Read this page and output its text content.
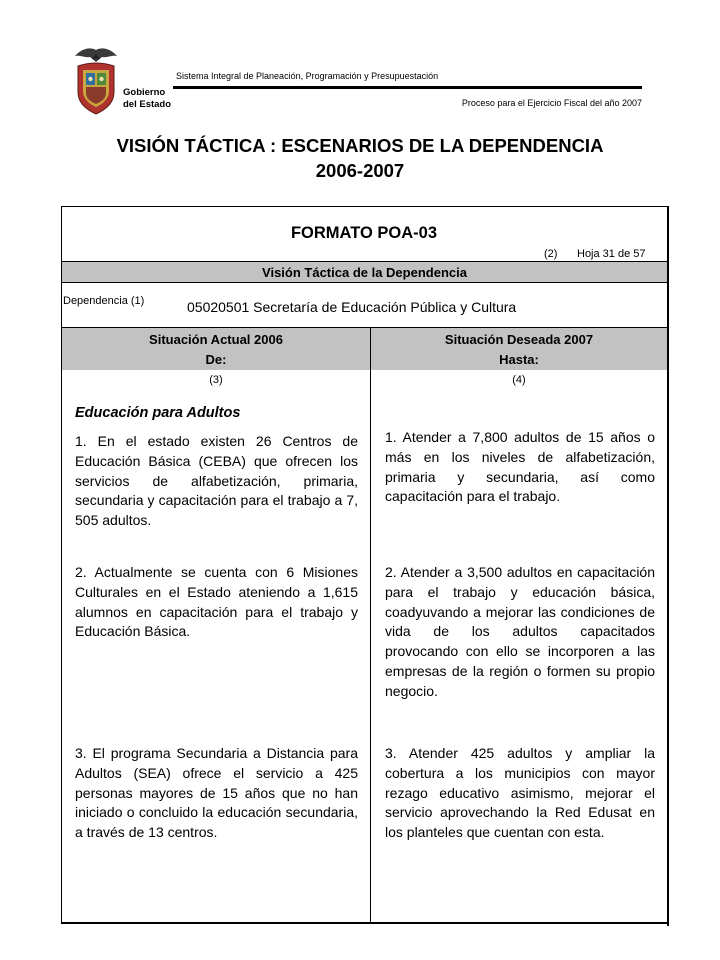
Gobierno
del Estado
Sistema Integral de Planeación, Programación y Presupuestación
Proceso para el Ejercicio Fiscal del año 2007
VISIÓN TÁCTICA : ESCENARIOS DE LA DEPENDENCIA
2006-2007
FORMATO POA-03
(2) Hoja 31 de 57
Visión Táctica de la Dependencia
Dependencia (1)	05020501 Secretaría de Educación Pública y Cultura
Situación Actual 2006
De:
Situación Deseada 2007
Hasta:
(3)	(4)
Educación para Adultos
1. En el estado existen 26 Centros de Educación Básica (CEBA) que ofrecen los servicios de alfabetización, primaria, secundaria y capacitación para el trabajo a 7, 505 adultos.
2. Actualmente se cuenta con 6 Misiones Culturales en el Estado ateniendo a 1,615 alumnos en capacitación para el trabajo y Educación Básica.
3. El programa Secundaria a Distancia para Adultos (SEA) ofrece el servicio a 425 personas mayores de 15 años que no han iniciado o concluido la educación secundaria, a través de 13 centros.
1. Atender a 7,800 adultos de 15 años o más en los niveles de alfabetización, primaria y secundaria, así como capacitación para el trabajo.
2. Atender a 3,500 adultos en capacitación para el trabajo y educación básica, coadyuvando a mejorar las condiciones de vida de los adultos capacitados provocando con ello se incorporen a las empresas de la región o formen su propio negocio.
3. Atender 425 adultos y ampliar la cobertura a los municipios con mayor rezago educativo asimismo, mejorar el servicio aprovechando la Red Edusat en los planteles que cuentan con esta.
